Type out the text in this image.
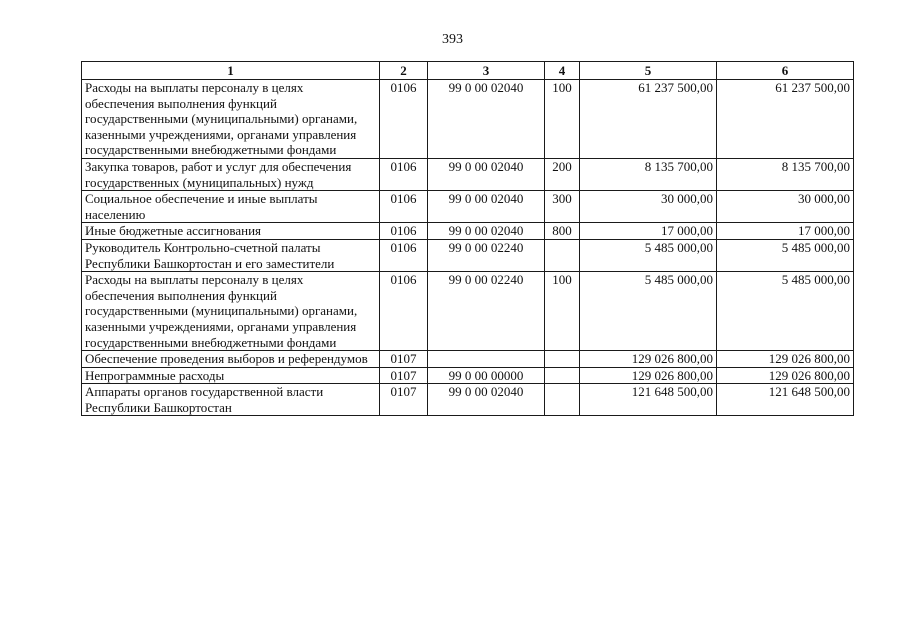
393
1	2	3	4	5	6
Расходы на выплаты персоналу в целях обеспечения выполнения функций государственными (муниципальными) органами, казенными учреждениями, органами управления государственными внебюджетными фондами	0106	99 0 00 02040	100	61 237 500,00	61 237 500,00
Закупка товаров, работ и услуг для обеспечения государственных (муниципальных) нужд	0106	99 0 00 02040	200	8 135 700,00	8 135 700,00
Социальное обеспечение и иные выплаты населению	0106	99 0 00 02040	300	30 000,00	30 000,00
Иные бюджетные ассигнования	0106	99 0 00 02040	800	17 000,00	17 000,00
Руководитель Контрольно-счетной палаты Республики Башкортостан и его заместители	0106	99 0 00 02240		5 485 000,00	5 485 000,00
Расходы на выплаты персоналу в целях обеспечения выполнения функций государственными (муниципальными) органами, казенными учреждениями, органами управления государственными внебюджетными фондами	0106	99 0 00 02240	100	5 485 000,00	5 485 000,00
Обеспечение проведения выборов и референдумов	0107			129 026 800,00	129 026 800,00
Непрограммные расходы	0107	99 0 00 00000		129 026 800,00	129 026 800,00
Аппараты органов государственной власти Республики Башкортостан	0107	99 0 00 02040		121 648 500,00	121 648 500,00
